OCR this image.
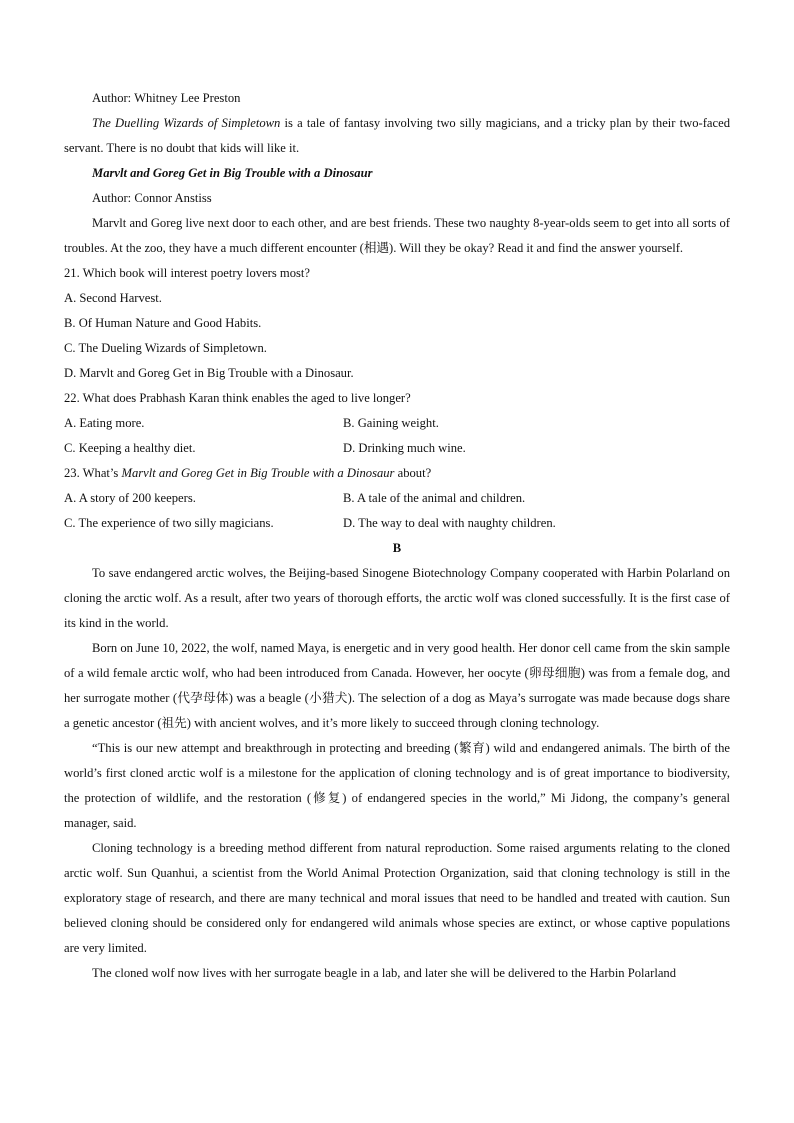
Author: Whitney Lee Preston

The Duelling Wizards of Simpletown is a tale of fantasy involving two silly magicians, and a tricky plan by their two-faced servant. There is no doubt that kids will like it.

Marvlt and Goreg Get in Big Trouble with a Dinosaur

Author: Connor Anstiss

Marvlt and Goreg live next door to each other, and are best friends. These two naughty 8-year-olds seem to get into all sorts of troubles. At the zoo, they have a much different encounter (相遇). Will they be okay? Read it and find the answer yourself.

21. Which book will interest poetry lovers most?

A. Second Harvest.

B. Of Human Nature and Good Habits.

C. The Dueling Wizards of Simpletown.

D. Marvlt and Goreg Get in Big Trouble with a Dinosaur.

22. What does Prabhash Karan think enables the aged to live longer?

A. Eating more.	B. Gaining weight.
C. Keeping a healthy diet.	D. Drinking much wine.

23. What’s Marvlt and Goreg Get in Big Trouble with a Dinosaur about?

A. A story of 200 keepers.	B. A tale of the animal and children.
C. The experience of two silly magicians.	D. The way to deal with naughty children.
B

To save endangered arctic wolves, the Beijing-based Sinogene Biotechnology Company cooperated with Harbin Polarland on cloning the arctic wolf. As a result, after two years of thorough efforts, the arctic wolf was cloned successfully. It is the first case of its kind in the world.

Born on June 10, 2022, the wolf, named Maya, is energetic and in very good health. Her donor cell came from the skin sample of a wild female arctic wolf, who had been introduced from Canada. However, her oocyte (卵母细胞) was from a female dog, and her surrogate mother (代孕母体) was a beagle (小猎犬). The selection of a dog as Maya’s surrogate was made because dogs share a genetic ancestor (祖先) with ancient wolves, and it’s more likely to succeed through cloning technology.

“This is our new attempt and breakthrough in protecting and breeding (繁育) wild and endangered animals. The birth of the world’s first cloned arctic wolf is a milestone for the application of cloning technology and is of great importance to biodiversity, the protection of wildlife, and the restoration (修复) of endangered species in the world,” Mi Jidong, the company’s general manager, said.

Cloning technology is a breeding method different from natural reproduction. Some raised arguments relating to the cloned arctic wolf. Sun Quanhui, a scientist from the World Animal Protection Organization, said that cloning technology is still in the exploratory stage of research, and there are many technical and moral issues that need to be handled and treated with caution. Sun believed cloning should be considered only for endangered wild animals whose species are extinct, or whose captive populations are very limited.

The cloned wolf now lives with her surrogate beagle in a lab, and later she will be delivered to the Harbin Polarland
